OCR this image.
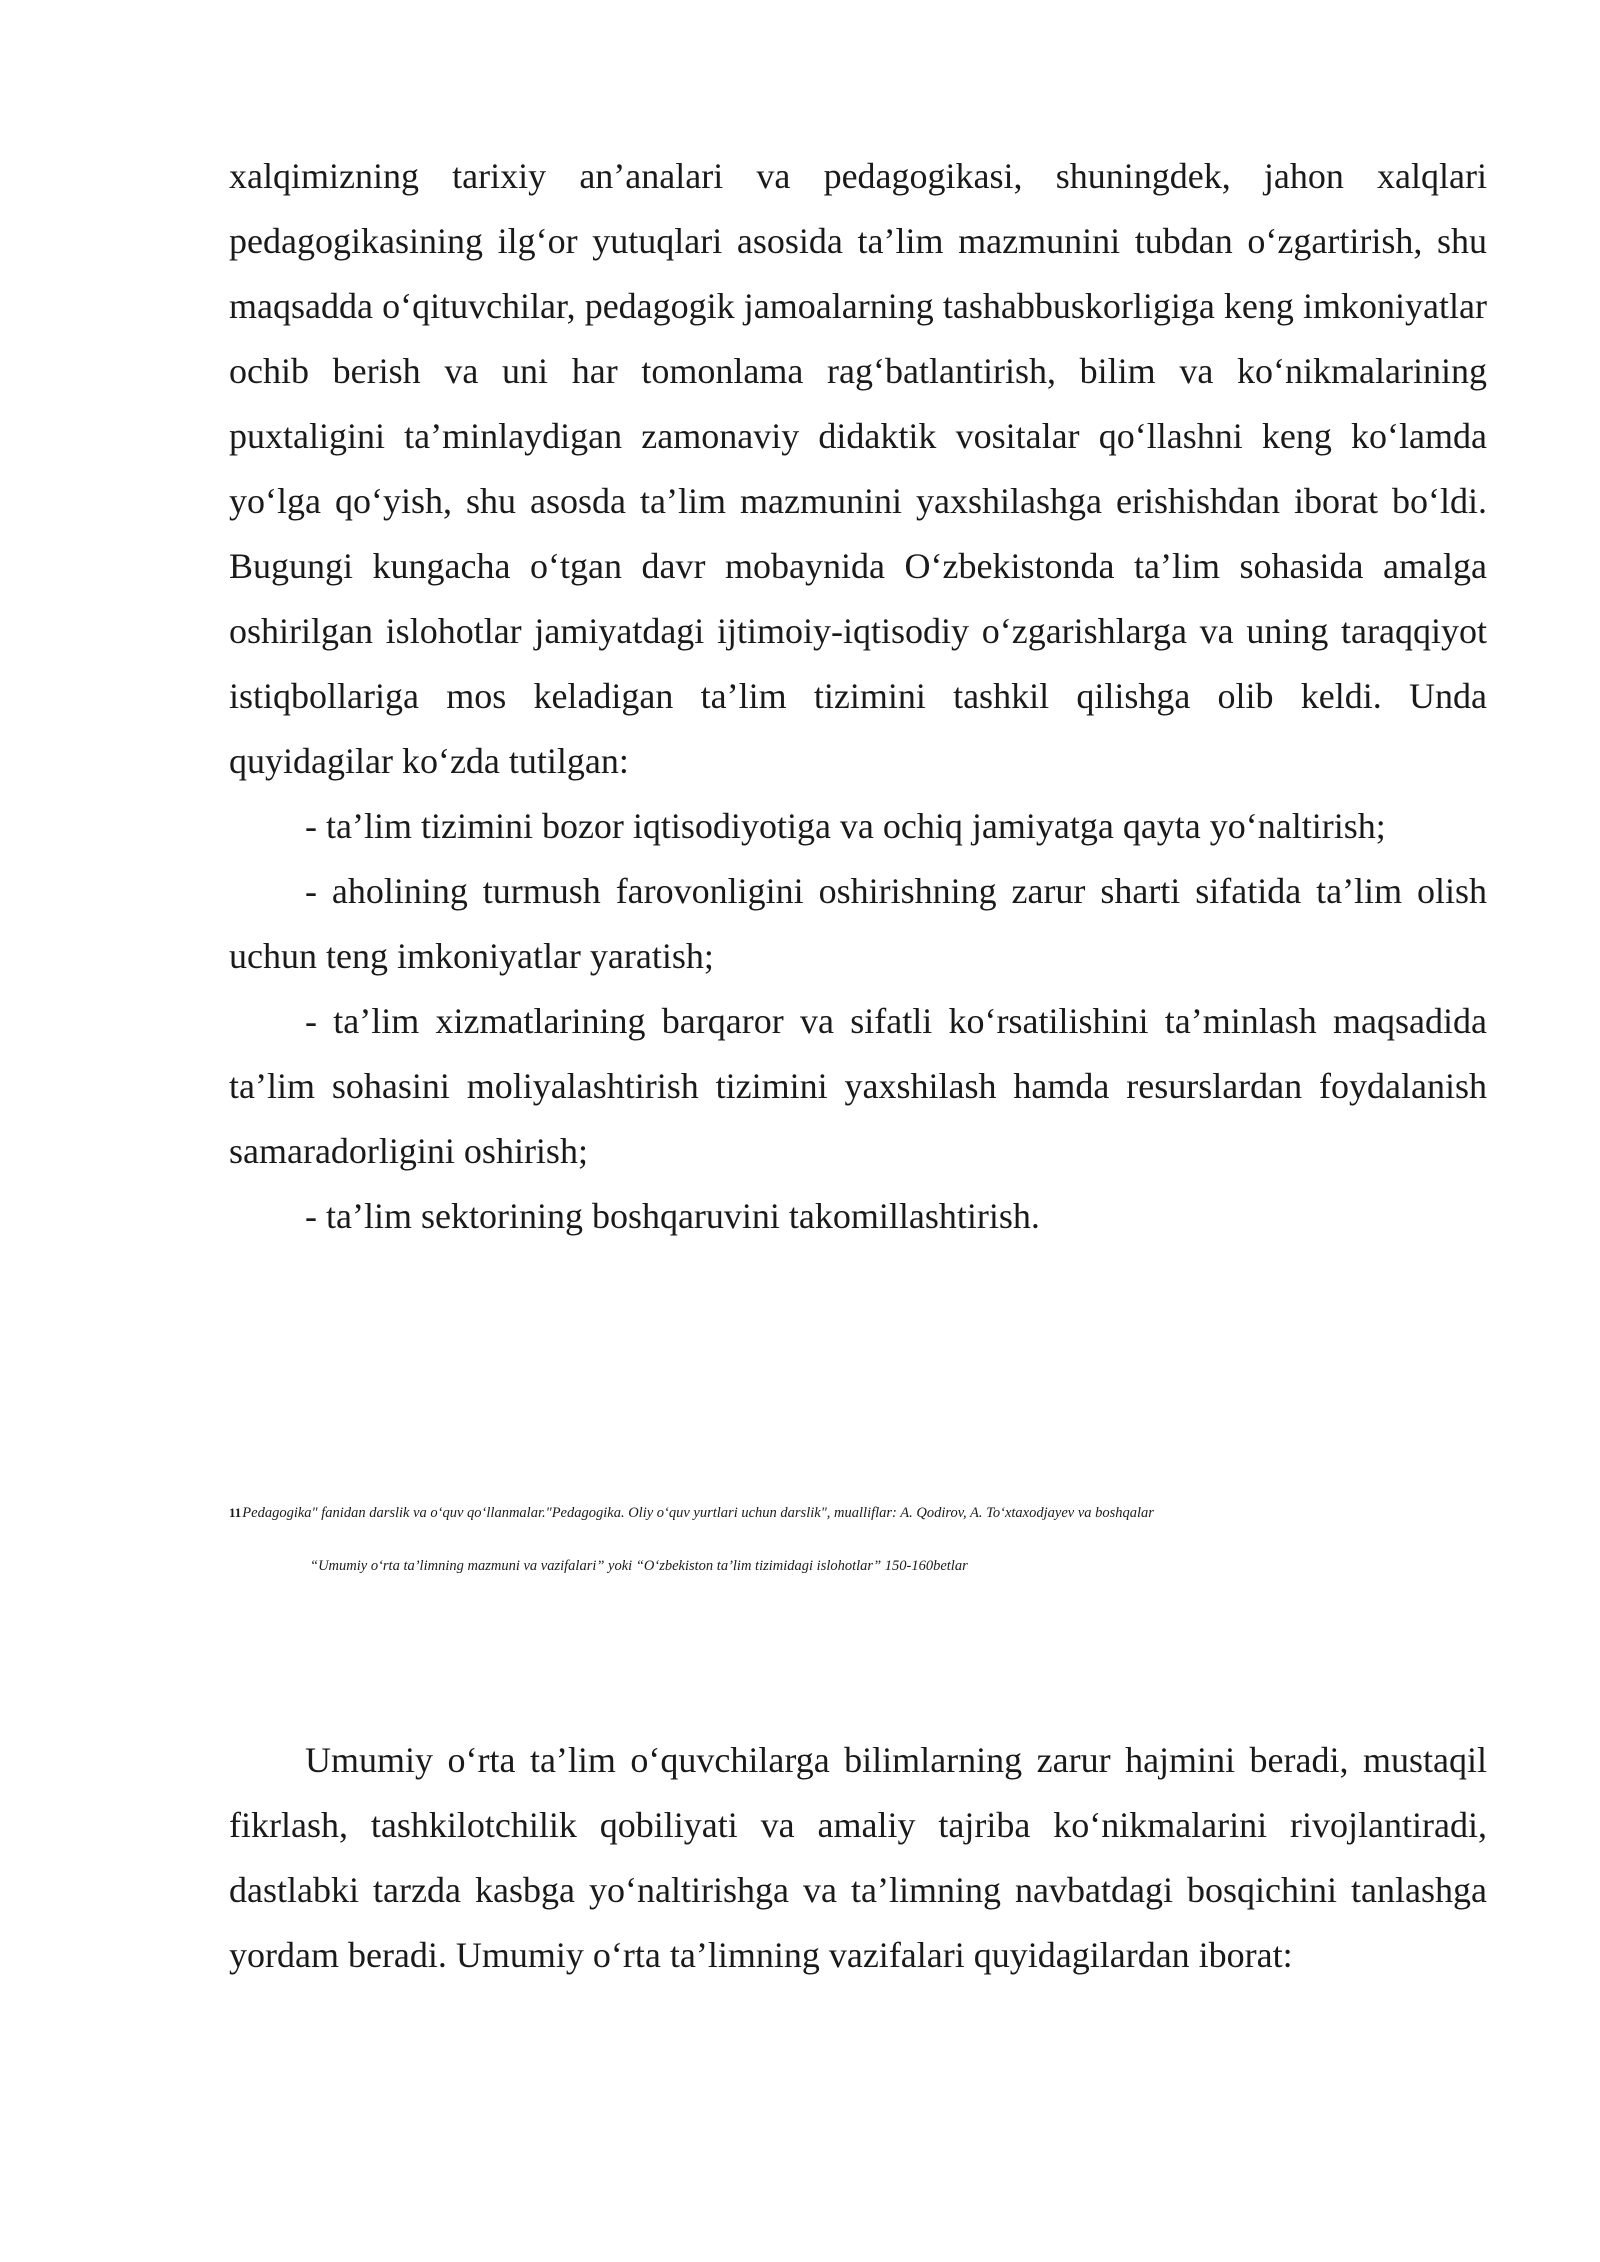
xalqimizning tarixiy an’analari va pedagogikasi, shuningdek, jahon xalqlari pedagogikasining ilg‘or yutuqlari asosida ta’lim mazmunini tubdan o‘zgartirish, shu maqsadda o‘qituvchilar, pedagogik jamoalarning tashabbuskorligiga keng imkoniyatlar ochib berish va uni har tomonlama rag‘batlantirish, bilim va ko‘nikmalarining puxtaligini ta’minlaydigan zamonaviy didaktik vositalar qo‘llashni keng ko‘lamda yo‘lga qo‘yish, shu asosda ta’lim mazmunini yaxshilashga erishishdan iborat bo‘ldi. Bugungi kungacha o‘tgan davr mobaynida O‘zbekistonda ta’lim sohasida amalga oshirilgan islohotlar jamiyatdagi ijtimoiy-iqtisodiy o‘zgarishlarga va uning taraqqiyot istiqbollariga mos keladigan ta’lim tizimini tashkil qilishga olib keldi. Unda quyidagilar ko‘zda tutilgan:

- ta’lim tizimini bozor iqtisodiyotiga va ochiq jamiyatga qayta yo‘naltirish;

- aholining turmush farovonligini oshirishning zarur sharti sifatida ta’lim olish uchun teng imkoniyatlar yaratish;

- ta’lim xizmatlarining barqaror va sifatli ko‘rsatilishini ta’minlash maqsadida ta’lim sohasini moliyalashtirish tizimini yaxshilash hamda resurslardan foydalanish samaradorligini oshirish;

- ta’lim sektorining boshqaruvini takomillashtirish.

11Pedagogika" fanidan darslik va o‘quv qo‘llanmalar."Pedagogika. Oliy o‘quv yurtlari uchun darslik", mualliflar: A. Qodirov, A. To‘xtaxodjayev va boshqalar
“Umumiy o‘rta ta’limning mazmuni va vazifalari” yoki “O‘zbekiston ta’lim tizimidagi islohotlar” 150-160betlar

Umumiy o‘rta ta’lim o‘quvchilarga bilimlarning zarur hajmini beradi, mustaqil fikrlash, tashkilotchilik qobiliyati va amaliy tajriba ko‘nikmalarini rivojlantiradi, dastlabki tarzda kasbga yo‘naltirishga va ta’limning navbatdagi bosqichini tanlashga yordam beradi. Umumiy o‘rta ta’limning vazifalari quyidagilardan iborat:
